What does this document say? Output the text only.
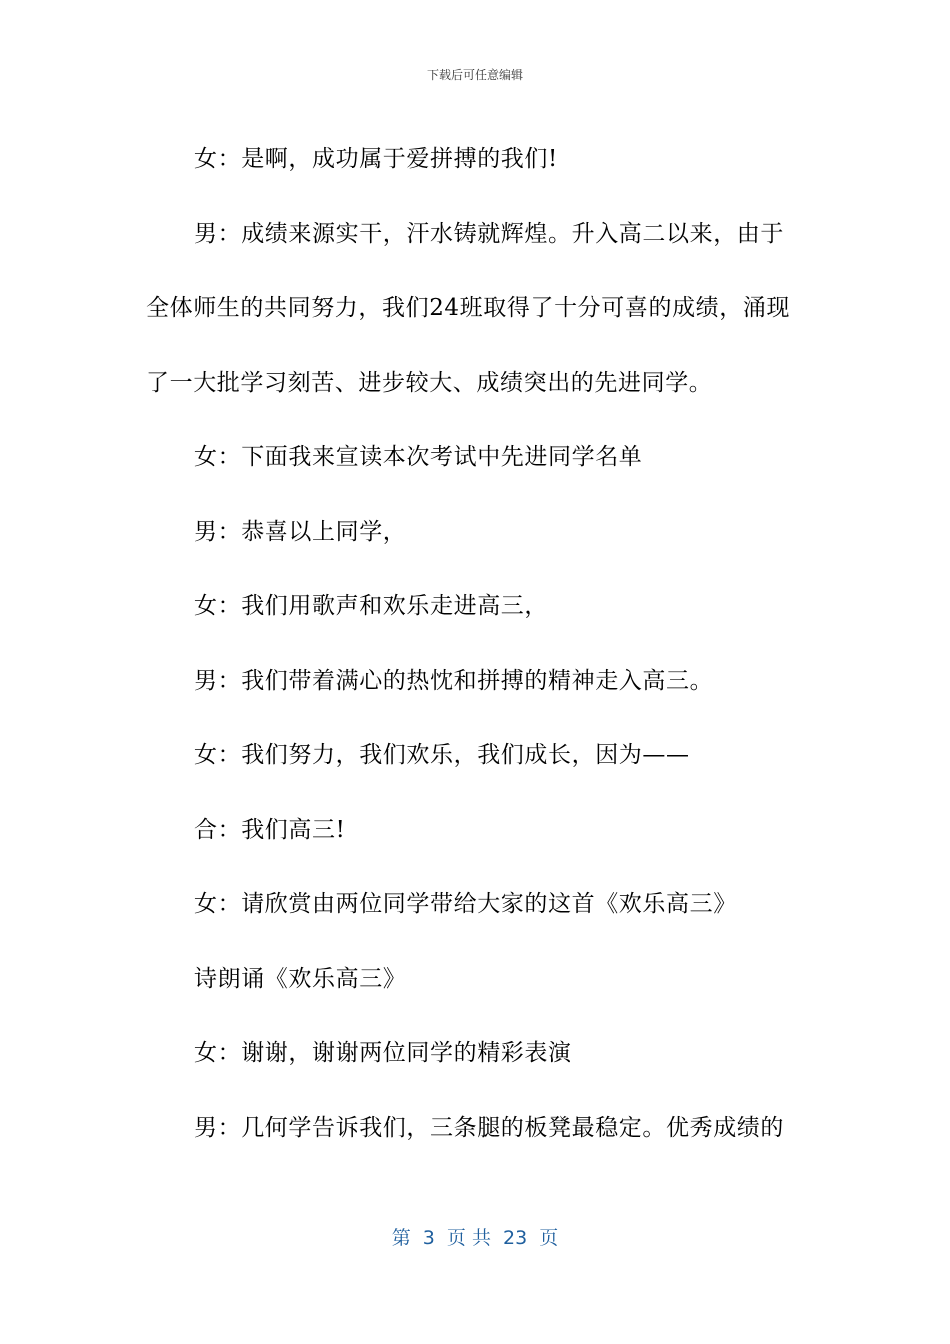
下载后可任意编辑

女：是啊，成功属于爱拼搏的我们!

男：成绩来源实干，汗水铸就辉煌。升入高二以来，由于全体师生的共同努力，我们24班取得了十分可喜的成绩，涌现了一大批学习刻苦、进步较大、成绩突出的先进同学。

女：下面我来宣读本次考试中先进同学名单

男：恭喜以上同学，

女：我们用歌声和欢乐走进高三，

男：我们带着满心的热忱和拼搏的精神走入高三。

女：我们努力，我们欢乐，我们成长，因为——

合：我们高三!

女：请欣赏由两位同学带给大家的这首《欢乐高三》

诗朗诵《欢乐高三》

女：谢谢，谢谢两位同学的精彩表演

男：几何学告诉我们，三条腿的板凳最稳定。优秀成绩的

第  3  页 共  23  页
